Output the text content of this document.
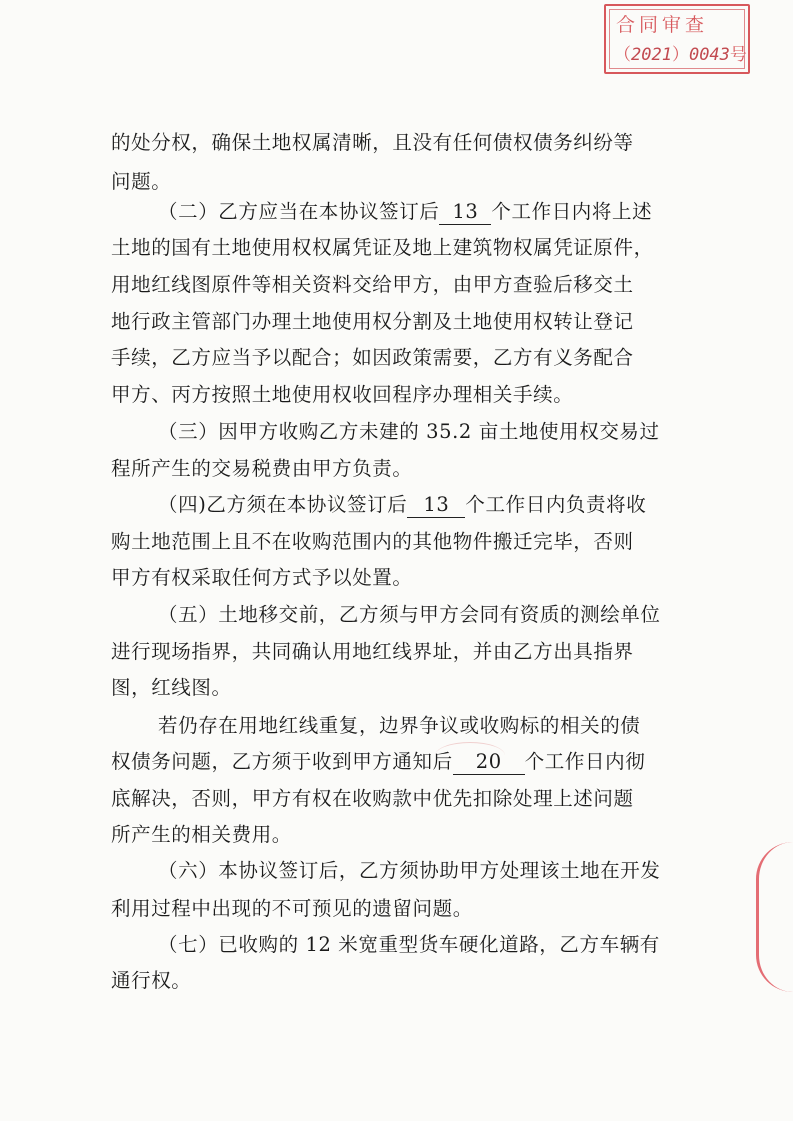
合同审查
（2021）0043号
的处分权，确保土地权属清晰，且没有任何债权债务纠纷等
问题。
（二）乙方应当在本协议签订后 13 个工作日内将上述
土地的国有土地使用权权属凭证及地上建筑物权属凭证原件，
用地红线图原件等相关资料交给甲方，由甲方查验后移交土
地行政主管部门办理土地使用权分割及土地使用权转让登记
手续，乙方应当予以配合；如因政策需要，乙方有义务配合
甲方、丙方按照土地使用权收回程序办理相关手续。
（三）因甲方收购乙方未建的 35.2 亩土地使用权交易过
程所产生的交易税费由甲方负责。
（四)乙方须在本协议签订后 13 个工作日内负责将收
购土地范围上且不在收购范围内的其他物件搬迁完毕，否则
甲方有权采取任何方式予以处置。
（五）土地移交前，乙方须与甲方会同有资质的测绘单位
进行现场指界，共同确认用地红线界址，并由乙方出具指界
图，红线图。
若仍存在用地红线重复，边界争议或收购标的相关的债
权债务问题，乙方须于收到甲方通知后 20 个工作日内彻
底解决，否则，甲方有权在收购款中优先扣除处理上述问题
所产生的相关费用。
（六）本协议签订后，乙方须协助甲方处理该土地在开发
利用过程中出现的不可预见的遗留问题。
（七）已收购的 12 米宽重型货车硬化道路，乙方车辆有
通行权。
